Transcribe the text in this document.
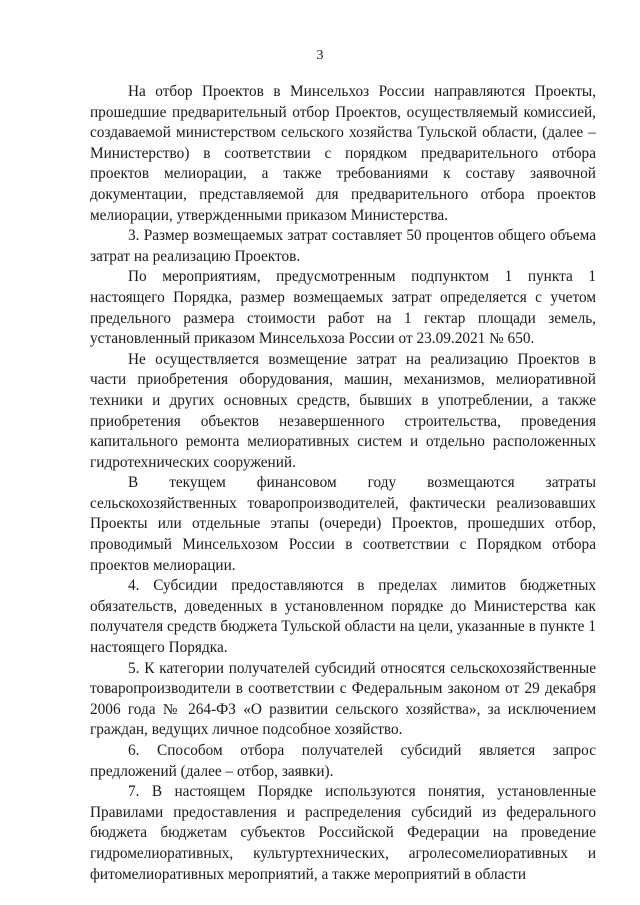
3

На отбор Проектов в Минсельхоз России направляются Проекты, прошедшие предварительный отбор Проектов, осуществляемый комиссией, создаваемой министерством сельского хозяйства Тульской области, (далее – Министерство) в соответствии с порядком предварительного отбора проектов мелиорации, а также требованиями к составу заявочной документации, представляемой для предварительного отбора проектов мелиорации, утвержденными приказом Министерства.

3. Размер возмещаемых затрат составляет 50 процентов общего объема затрат на реализацию Проектов.

По мероприятиям, предусмотренным подпунктом 1 пункта 1 настоящего Порядка, размер возмещаемых затрат определяется с учетом предельного размера стоимости работ на 1 гектар площади земель, установленный приказом Минсельхоза России от 23.09.2021 № 650.

Не осуществляется возмещение затрат на реализацию Проектов в части приобретения оборудования, машин, механизмов, мелиоративной техники и других основных средств, бывших в употреблении, а также приобретения объектов незавершенного строительства, проведения капитального ремонта мелиоративных систем и отдельно расположенных гидротехнических сооружений.

В текущем финансовом году возмещаются затраты сельскохозяйственных товаропроизводителей, фактически реализовавших Проекты или отдельные этапы (очереди) Проектов, прошедших отбор, проводимый Минсельхозом России в соответствии с Порядком отбора проектов мелиорации.

4. Субсидии предоставляются в пределах лимитов бюджетных обязательств, доведенных в установленном порядке до Министерства как получателя средств бюджета Тульской области на цели, указанные в пункте 1 настоящего Порядка.

5. К категории получателей субсидий относятся сельскохозяйственные товаропроизводители в соответствии с Федеральным законом от 29 декабря 2006 года № 264-ФЗ «О развитии сельского хозяйства», за исключением граждан, ведущих личное подсобное хозяйство.

6. Способом отбора получателей субсидий является запрос предложений (далее – отбор, заявки).

7. В настоящем Порядке используются понятия, установленные Правилами предоставления и распределения субсидий из федерального бюджета бюджетам субъектов Российской Федерации на проведение гидромелиоративных, культуртехнических, агролесомелиоративных и фитомелиоративных мероприятий, а также мероприятий в области
